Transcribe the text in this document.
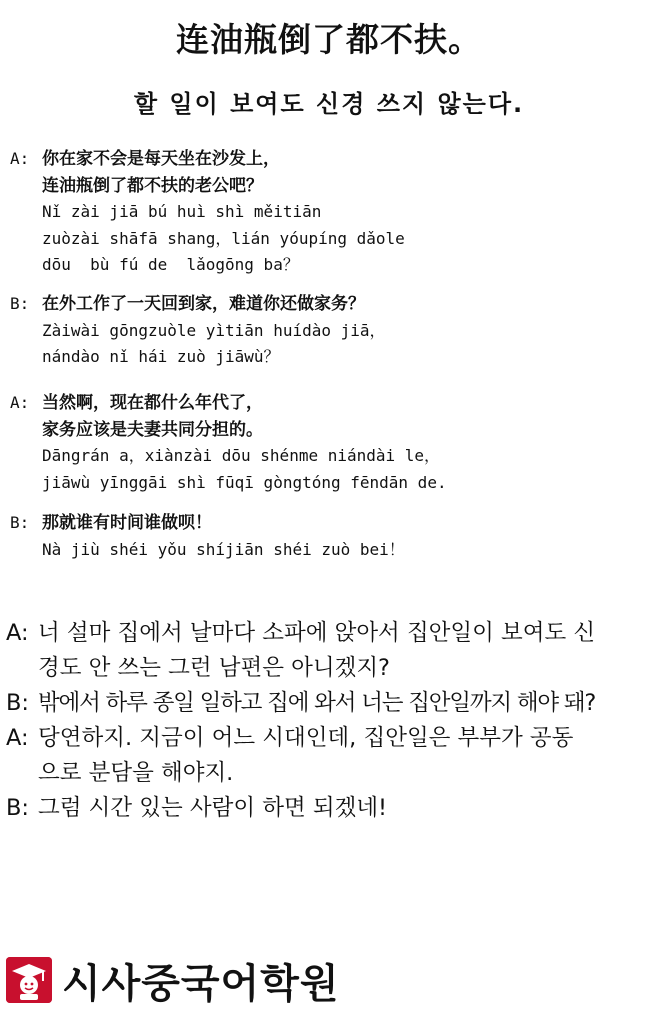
连油瓶倒了都不扶。
할 일이 보여도 신경 쓰지 않는다.
A: 你在家不会是每天坐在沙发上，
连油瓶倒了都不扶的老公吧？
Nǐ zài jiā bú huì shì měitiān
zuòzài shāfā shang，lián yóupíng dǎole
dōu  bù fú de  lǎogōng ba？
B: 在外工作了一天回到家，难道你还做家务？
Zàiwài gōngzuòle yìtiān huídào jiā，
nándào nǐ hái zuò jiāwù？
A: 当然啊，现在都什么年代了，
家务应该是夫妻共同分担的。
Dāngrán a，xiànzài dōu shénme niándài le，
jiāwù yīnggāi shì fūqī gòngtóng fēndān de.
B: 那就谁有时间谁做呗！
Nà jiù shéi yǒu shíjiān shéi zuò bei！
A: 너 설마 집에서 날마다 소파에 앉아서 집안일이 보여도 신
경도 안 쓰는 그런 남편은 아니겠지?
B: 밖에서 하루 종일 일하고 집에 와서 너는 집안일까지 해야 돼?
A: 당연하지. 지금이 어느 시대인데, 집안일은 부부가 공동
으로 분담을 해야지.
B: 그럼 시간 있는 사람이 하면 되겠네!
시사중국어학원
